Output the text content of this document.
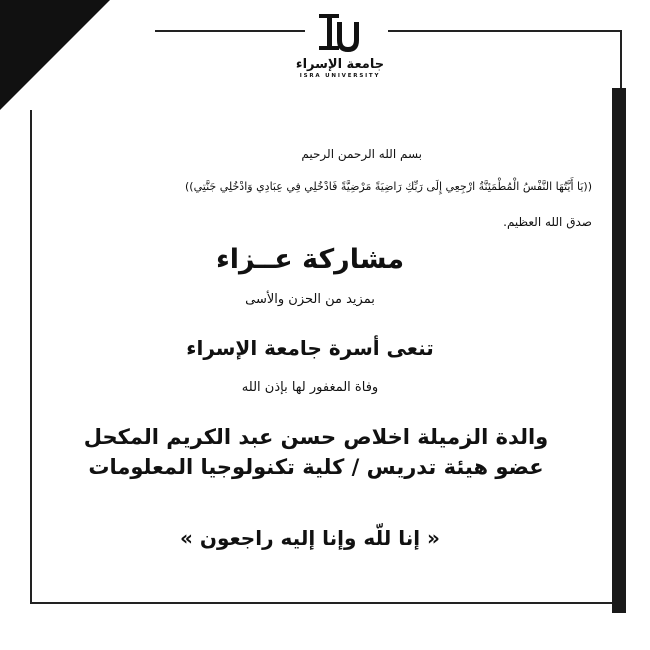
جامعة الإسراء
ISRA UNIVERSITY
بسم الله الرحمن الرحيم
((يَا أَيَّتُهَا النَّفْسُ الْمُطْمَئِنَّةُ ارْجِعِي إِلَى رَبِّكِ رَاضِيَةً مَرْضِيَّةً فَادْخُلِي فِي عِبَادِي وَادْخُلِي جَنَّتِي))
صدق الله العظيم.
مشاركة عــزاء
بمزيد من الحزن والأسى
تنعى أسرة جامعة الإسراء
وفاة المغفور لها بإذن الله
والدة الزميلة اخلاص حسن عبد الكريم المكحل
عضو هيئة تدريس / كلية تكنولوجيا المعلومات
« إنا للّه وإنا إليه راجعون »
